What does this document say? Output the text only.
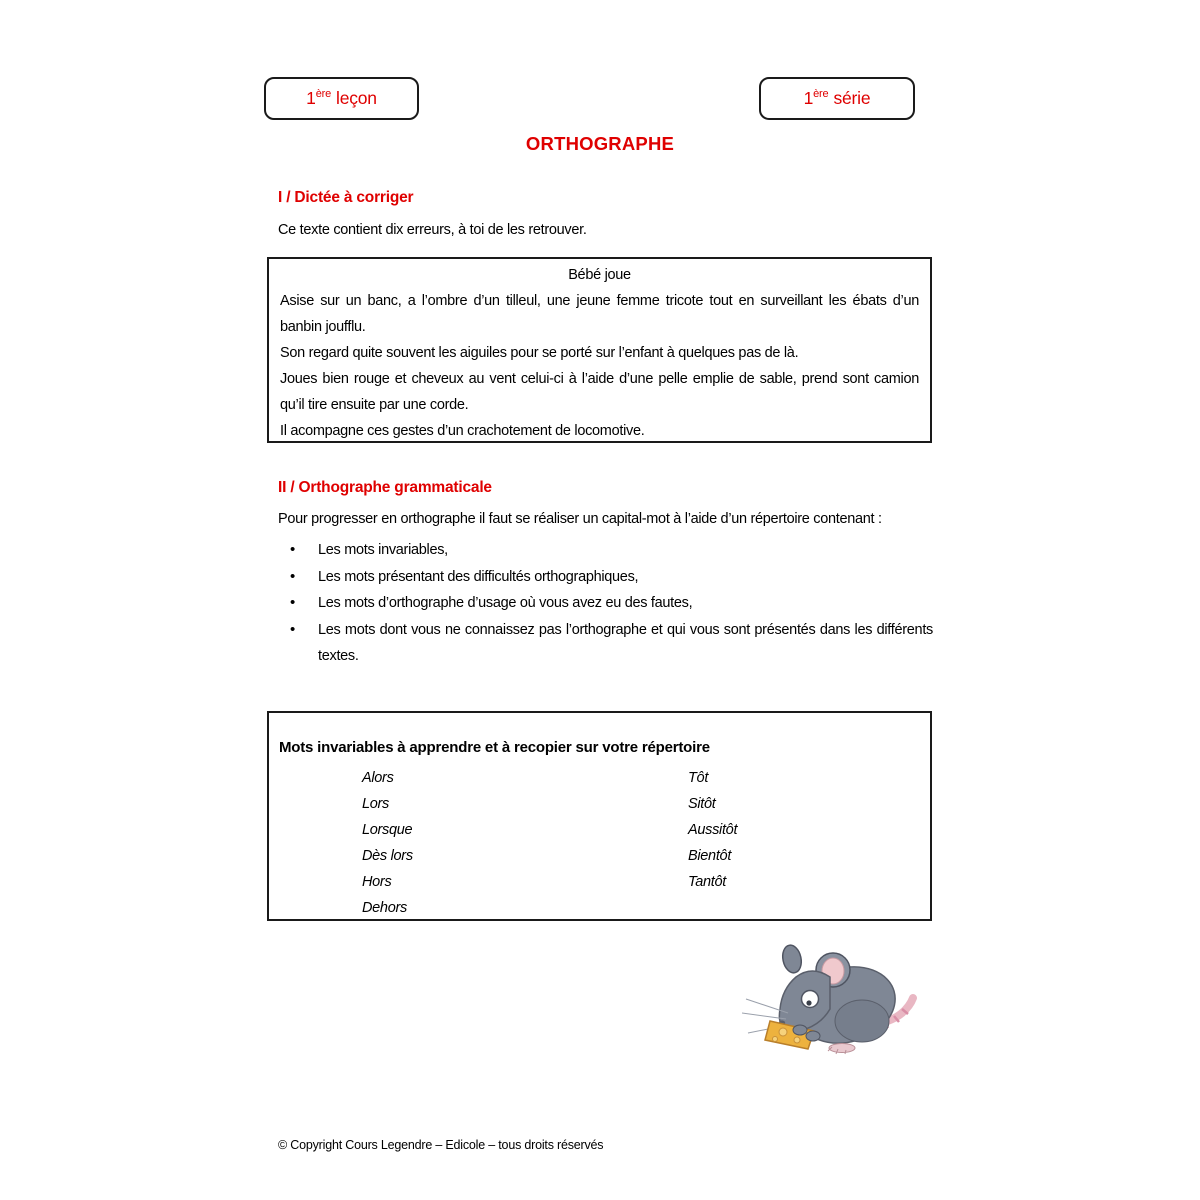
1ère leçon	1ère série
ORTHOGRAPHE
I / Dictée à corriger
Ce texte contient dix erreurs, à toi de les retrouver.
Bébé joue

Asise sur un banc, a l’ombre d’un tilleul, une jeune femme tricote tout en surveillant les ébats d’un banbin joufflu.

Son regard quite souvent les aiguiles pour se porté sur l’enfant à quelques pas de là.

Joues bien rouge et cheveux au vent celui-ci à l’aide d’une pelle emplie de sable, prend sont camion qu’il tire ensuite par une corde.

Il acompagne ces gestes d’un crachotement de locomotive.

II / Orthographe grammaticale
Pour progresser en orthographe il faut se réaliser un capital-mot à l’aide d’un répertoire contenant :
• Les mots invariables,
• Les mots présentant des difficultés orthographiques,
• Les mots d’orthographe d’usage où vous avez eu des fautes,
• Les mots dont vous ne connaissez pas l’orthographe et qui vous sont présentés dans les différents textes.
Mots invariables à apprendre et à recopier sur votre répertoire
Alors
Lors
Lorsque
Dès lors
Hors
Dehors
Tôt
Sitôt
Aussitôt
Bientôt
Tantôt
© Copyright Cours Legendre – Edicole – tous droits réservés
